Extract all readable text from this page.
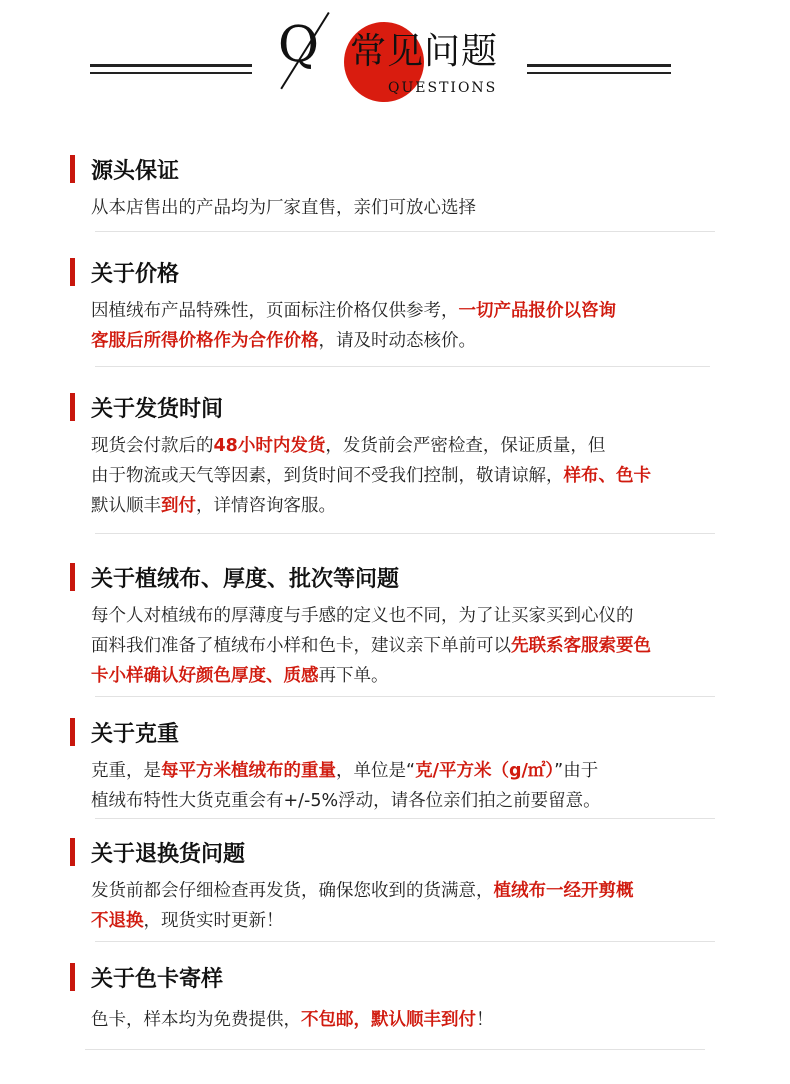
Q 常见问题
QUESTIONS
源头保证
从本店售出的产品均为厂家直售，亲们可放心选择
关于价格
因植绒布产品特殊性，页面标注价格仅供参考，一切产品报价以咨询
客服后所得价格作为合作价格，请及时动态核价。
关于发货时间
现货会付款后的48小时内发货，发货前会严密检查，保证质量，但
由于物流或天气等因素，到货时间不受我们控制，敬请谅解，样布、色卡
默认顺丰到付，详情咨询客服。
关于植绒布、厚度、批次等问题
每个人对植绒布的厚薄度与手感的定义也不同，为了让买家买到心仪的
面料我们准备了植绒布小样和色卡，建议亲下单前可以先联系客服索要色
卡小样确认好颜色厚度、质感再下单。
关于克重
克重，是每平方米植绒布的重量，单位是“克/平方米（g/㎡）”由于
植绒布特性大货克重会有+/-5%浮动，请各位亲们拍之前要留意。
关于退换货问题
发货前都会仔细检查再发货，确保您收到的货满意，植绒布一经开剪概
不退换，现货实时更新！
关于色卡寄样
色卡，样本均为免费提供，不包邮，默认顺丰到付！
